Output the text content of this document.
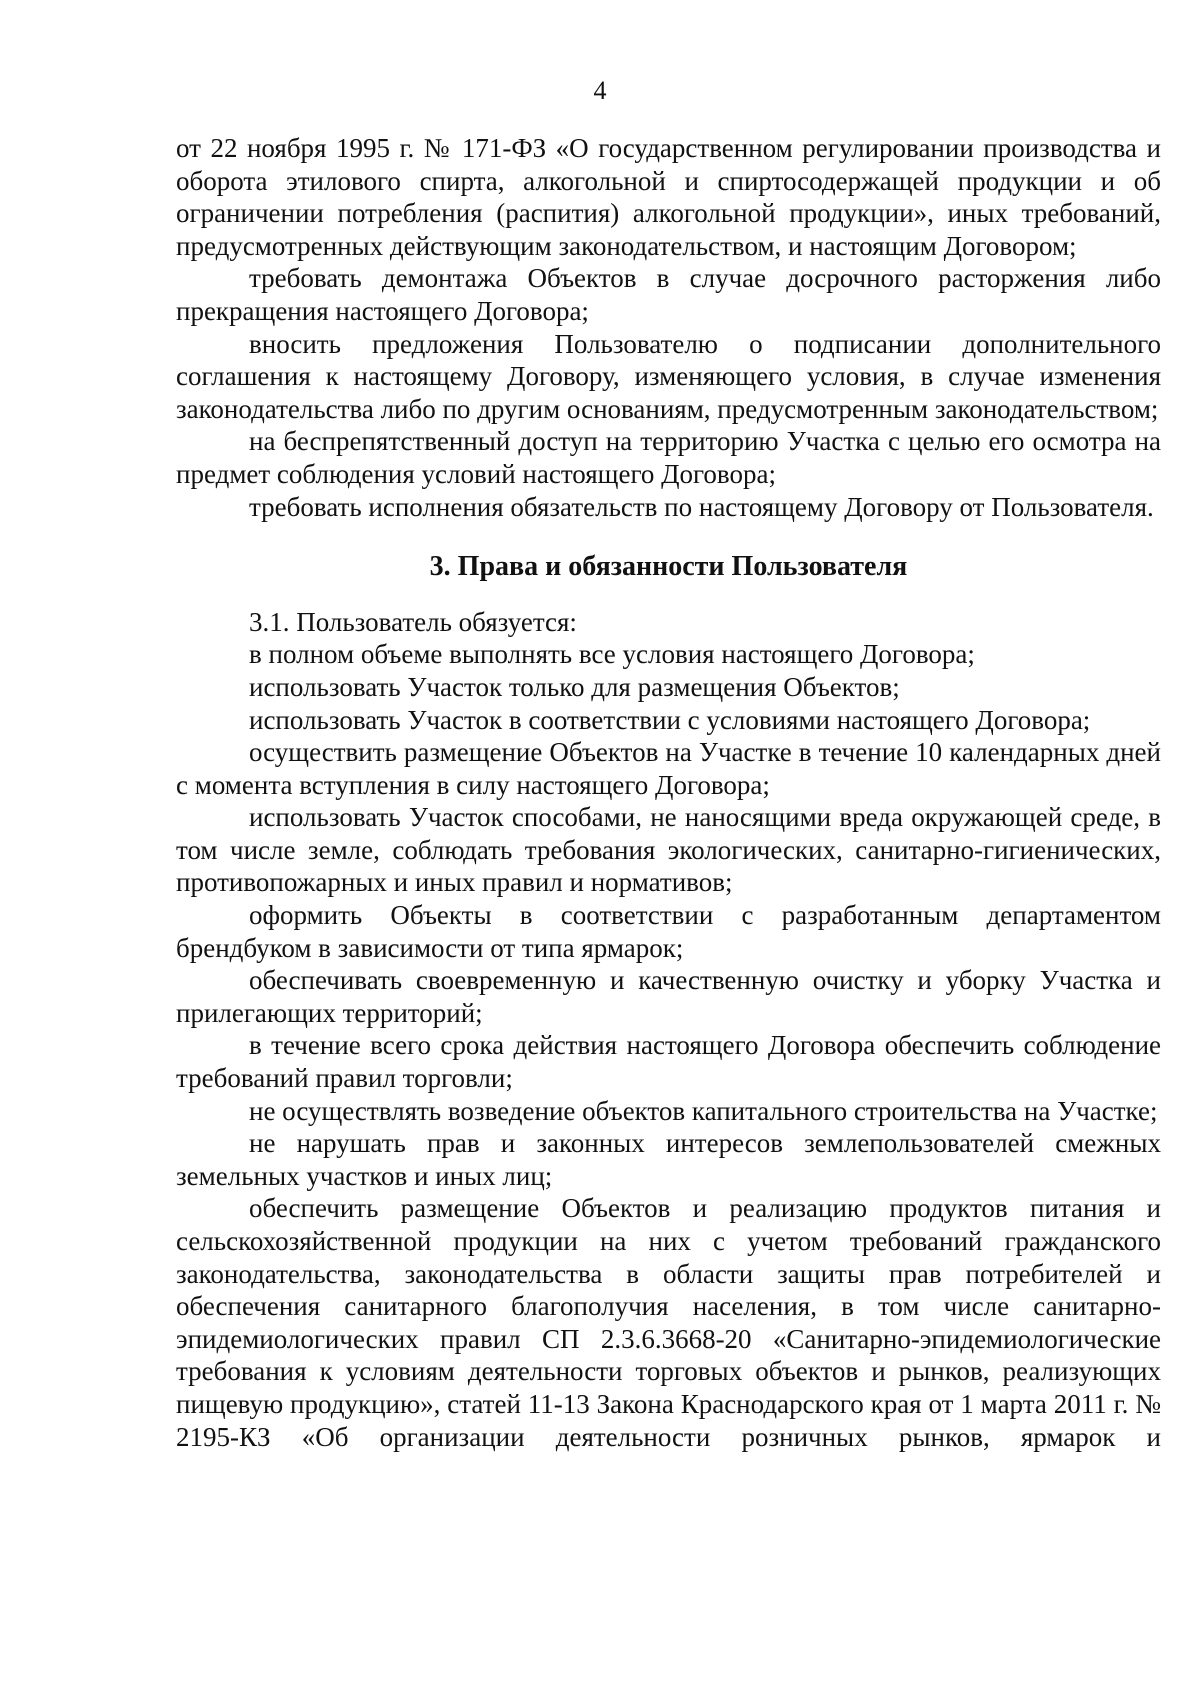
4

от 22 ноября 1995 г. № 171-ФЗ «О государственном регулировании производства и оборота этилового спирта, алкогольной и спиртосодержащей продукции и об ограничении потребления (распития) алкогольной продукции», иных требований, предусмотренных действующим законодательством, и настоящим Договором;

требовать демонтажа Объектов в случае досрочного расторжения либо прекращения настоящего Договора;

вносить предложения Пользователю о подписании дополнительного соглашения к настоящему Договору, изменяющего условия, в случае изменения законодательства либо по другим основаниям, предусмотренным законодательством;

на беспрепятственный доступ на территорию Участка с целью его осмотра на предмет соблюдения условий настоящего Договора;

требовать исполнения обязательств по настоящему Договору от Пользователя.

3. Права и обязанности Пользователя

3.1. Пользователь обязуется:

в полном объеме выполнять все условия настоящего Договора;

использовать Участок только для размещения Объектов;

использовать Участок в соответствии с условиями настоящего Договора;

осуществить размещение Объектов на Участке в течение 10 календарных дней с момента вступления в силу настоящего Договора;

использовать Участок способами, не наносящими вреда окружающей среде, в том числе земле, соблюдать требования экологических, санитарно-гигиенических, противопожарных и иных правил и нормативов;

оформить Объекты в соответствии с разработанным департаментом брендбуком в зависимости от типа ярмарок;

обеспечивать своевременную и качественную очистку и уборку Участка и прилегающих территорий;

в течение всего срока действия настоящего Договора обеспечить соблюдение требований правил торговли;

не осуществлять возведение объектов капитального строительства на Участке;

не нарушать прав и законных интересов землепользователей смежных земельных участков и иных лиц;

обеспечить размещение Объектов и реализацию продуктов питания и сельскохозяйственной продукции на них с учетом требований гражданского законодательства, законодательства в области защиты прав потребителей и обеспечения санитарного благополучия населения, в том числе санитарно-эпидемиологических правил СП 2.3.6.3668-20 «Санитарно-эпидемиологические требования к условиям деятельности торговых объектов и рынков, реализующих пищевую продукцию», статей 11-13 Закона Краснодарского края от 1 марта 2011 г. № 2195-КЗ «Об организации деятельности розничных рынков, ярмарок и
